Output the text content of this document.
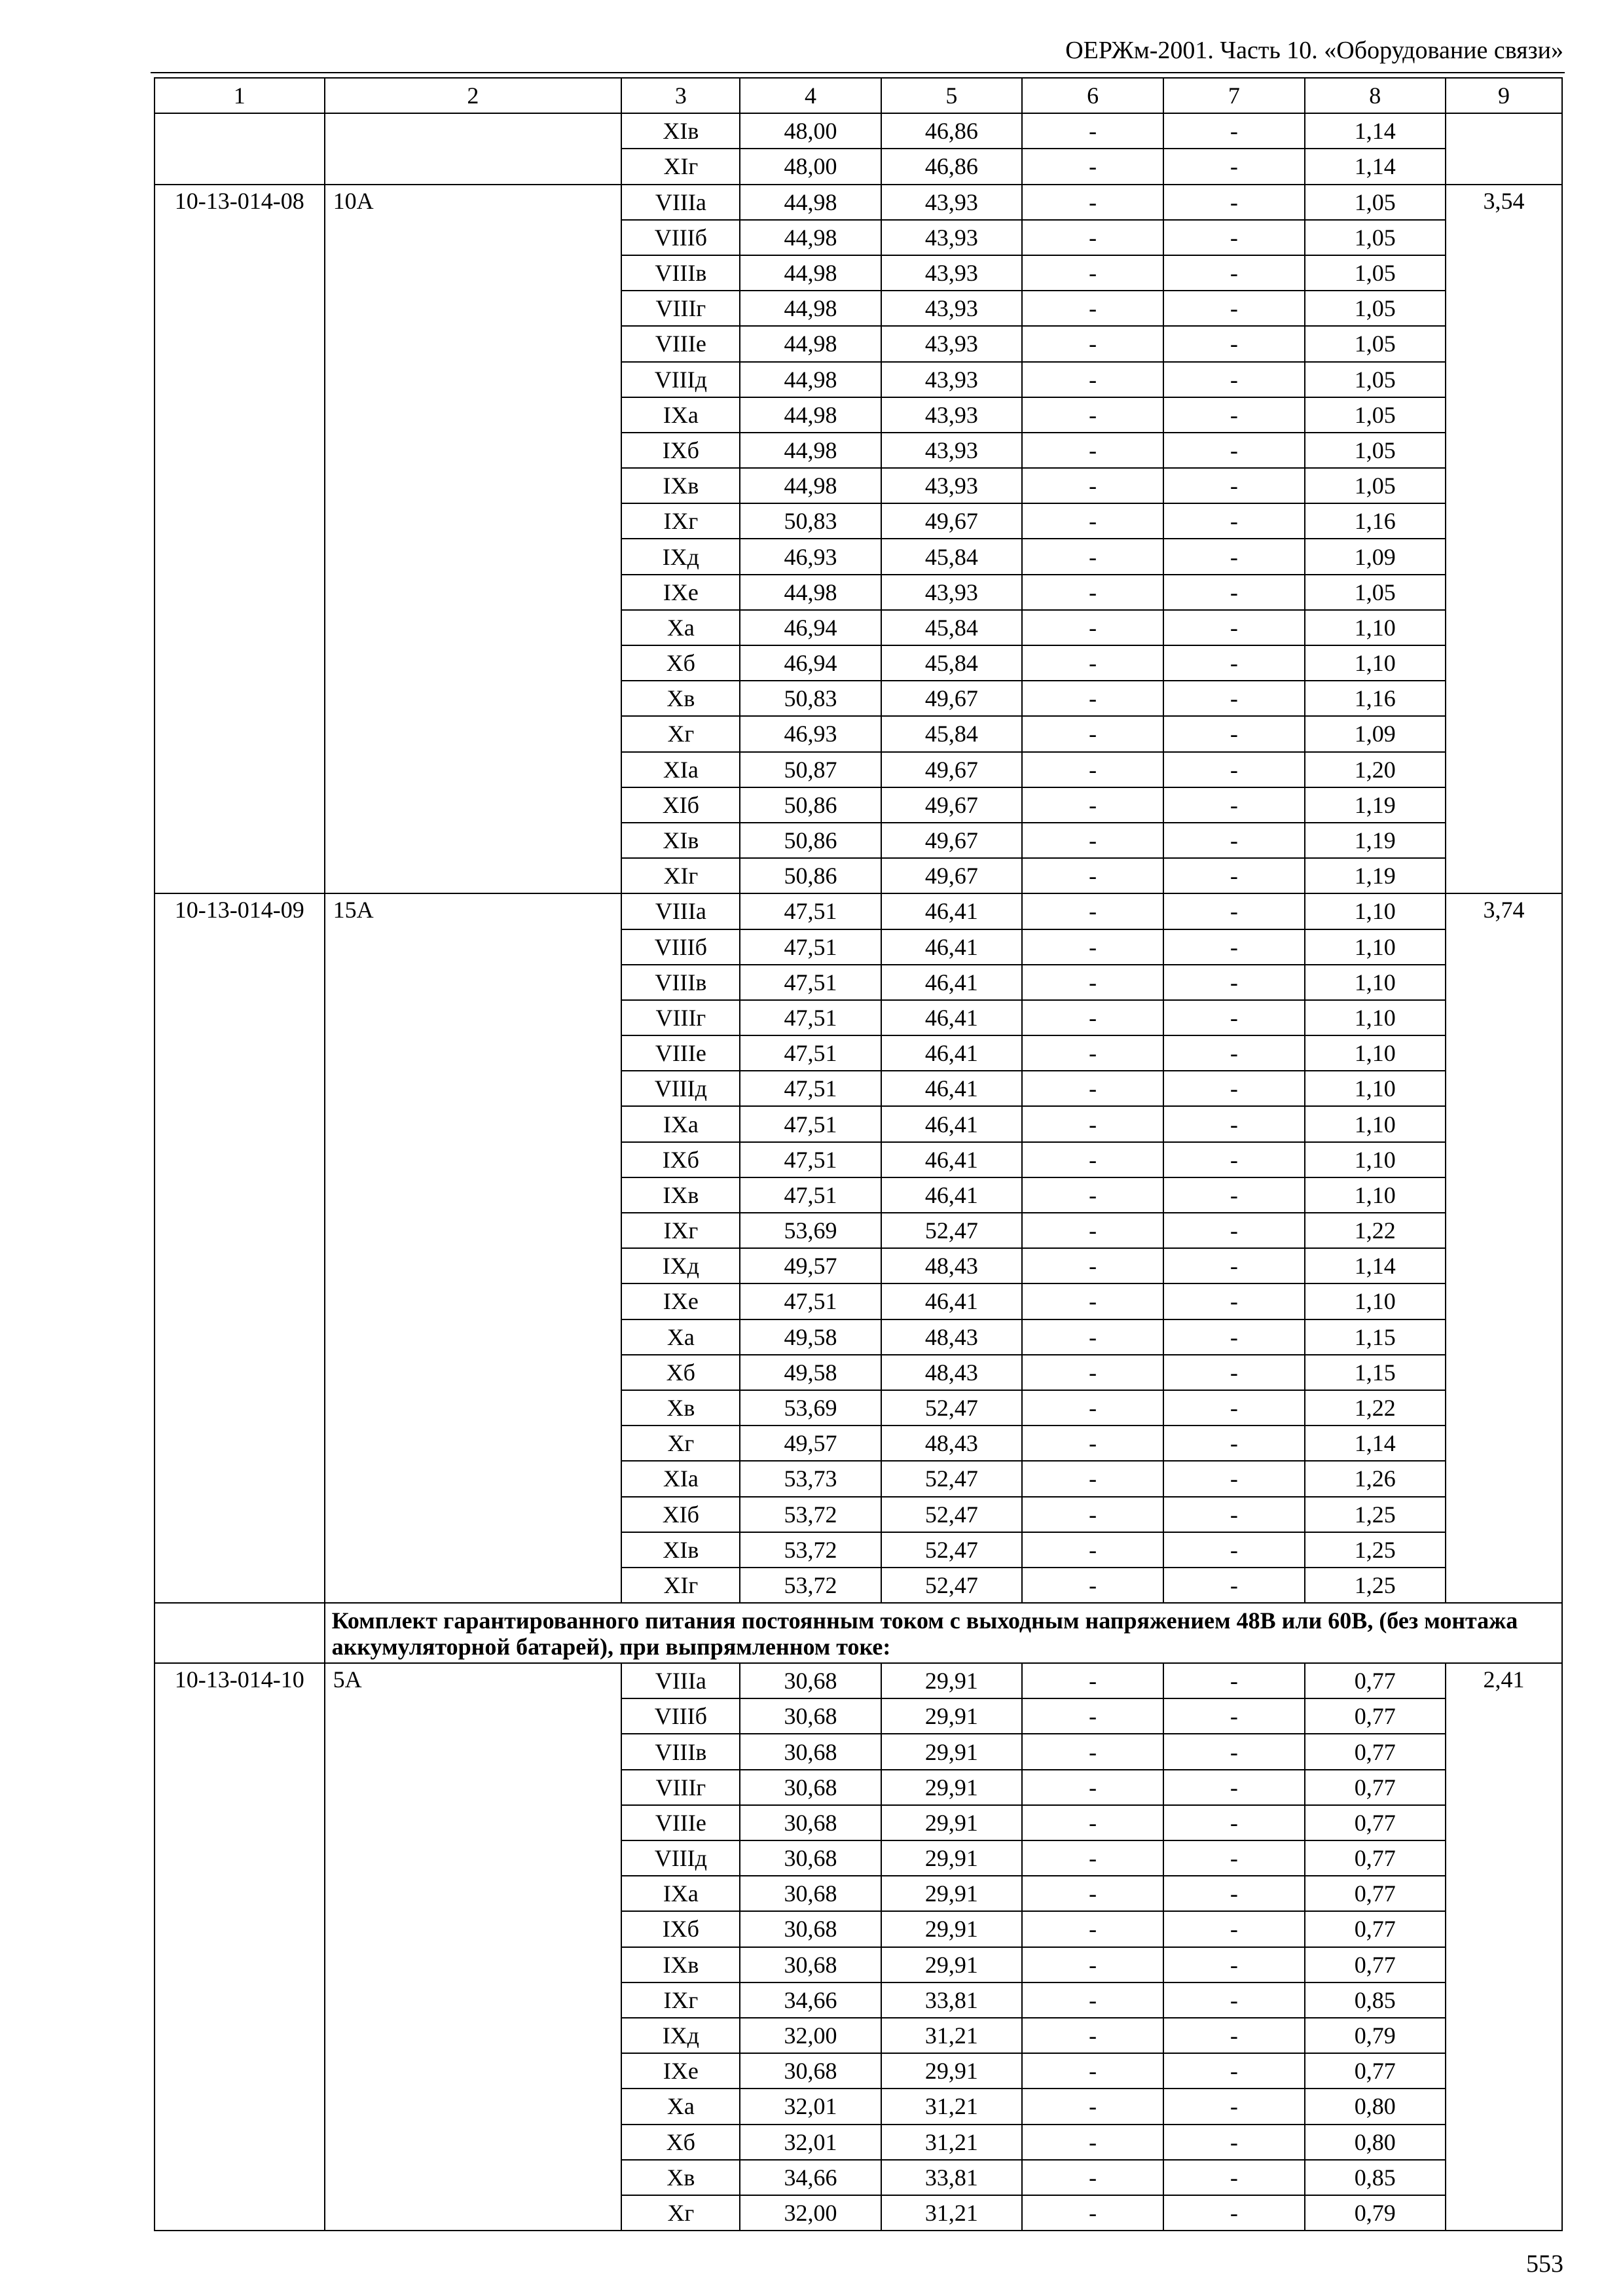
ОЕРЖм-2001. Часть 10. «Оборудование связи»
1	2	3	4	5	6	7	8	9
		XIв	48,00	46,86	-	-	1,14	
		XIг	48,00	46,86	-	-	1,14	
10-13-014-08	10А	VIIIа	44,98	43,93	-	-	1,05	3,54
		VIIIб	44,98	43,93	-	-	1,05	
		VIIIв	44,98	43,93	-	-	1,05	
		VIIIг	44,98	43,93	-	-	1,05	
		VIIIе	44,98	43,93	-	-	1,05	
		VIIIд	44,98	43,93	-	-	1,05	
		IXа	44,98	43,93	-	-	1,05	
		IXб	44,98	43,93	-	-	1,05	
		IXв	44,98	43,93	-	-	1,05	
		IXг	50,83	49,67	-	-	1,16	
		IXд	46,93	45,84	-	-	1,09	
		IXе	44,98	43,93	-	-	1,05	
		Xа	46,94	45,84	-	-	1,10	
		Xб	46,94	45,84	-	-	1,10	
		Xв	50,83	49,67	-	-	1,16	
		Xг	46,93	45,84	-	-	1,09	
		XIа	50,87	49,67	-	-	1,20	
		XIб	50,86	49,67	-	-	1,19	
		XIв	50,86	49,67	-	-	1,19	
		XIг	50,86	49,67	-	-	1,19	
10-13-014-09	15А	VIIIа	47,51	46,41	-	-	1,10	3,74
		VIIIб	47,51	46,41	-	-	1,10	
		VIIIв	47,51	46,41	-	-	1,10	
		VIIIг	47,51	46,41	-	-	1,10	
		VIIIе	47,51	46,41	-	-	1,10	
		VIIIд	47,51	46,41	-	-	1,10	
		IXа	47,51	46,41	-	-	1,10	
		IXб	47,51	46,41	-	-	1,10	
		IXв	47,51	46,41	-	-	1,10	
		IXг	53,69	52,47	-	-	1,22	
		IXд	49,57	48,43	-	-	1,14	
		IXе	47,51	46,41	-	-	1,10	
		Xа	49,58	48,43	-	-	1,15	
		Xб	49,58	48,43	-	-	1,15	
		Xв	53,69	52,47	-	-	1,22	
		Xг	49,57	48,43	-	-	1,14	
		XIа	53,73	52,47	-	-	1,26	
		XIб	53,72	52,47	-	-	1,25	
		XIв	53,72	52,47	-	-	1,25	
		XIг	53,72	52,47	-	-	1,25	
	Комплект гарантированного питания постоянным током с выходным напряжением 48В или 60В, (без монтажа аккумуляторной батарей), при выпрямленном токе:							
10-13-014-10	5А	VIIIа	30,68	29,91	-	-	0,77	2,41
		VIIIб	30,68	29,91	-	-	0,77	
		VIIIв	30,68	29,91	-	-	0,77	
		VIIIг	30,68	29,91	-	-	0,77	
		VIIIе	30,68	29,91	-	-	0,77	
		VIIIд	30,68	29,91	-	-	0,77	
		IXа	30,68	29,91	-	-	0,77	
		IXб	30,68	29,91	-	-	0,77	
		IXв	30,68	29,91	-	-	0,77	
		IXг	34,66	33,81	-	-	0,85	
		IXд	32,00	31,21	-	-	0,79	
		IXе	30,68	29,91	-	-	0,77	
		Xа	32,01	31,21	-	-	0,80	
		Xб	32,01	31,21	-	-	0,80	
		Xв	34,66	33,81	-	-	0,85	
		Xг	32,00	31,21	-	-	0,79	
553
